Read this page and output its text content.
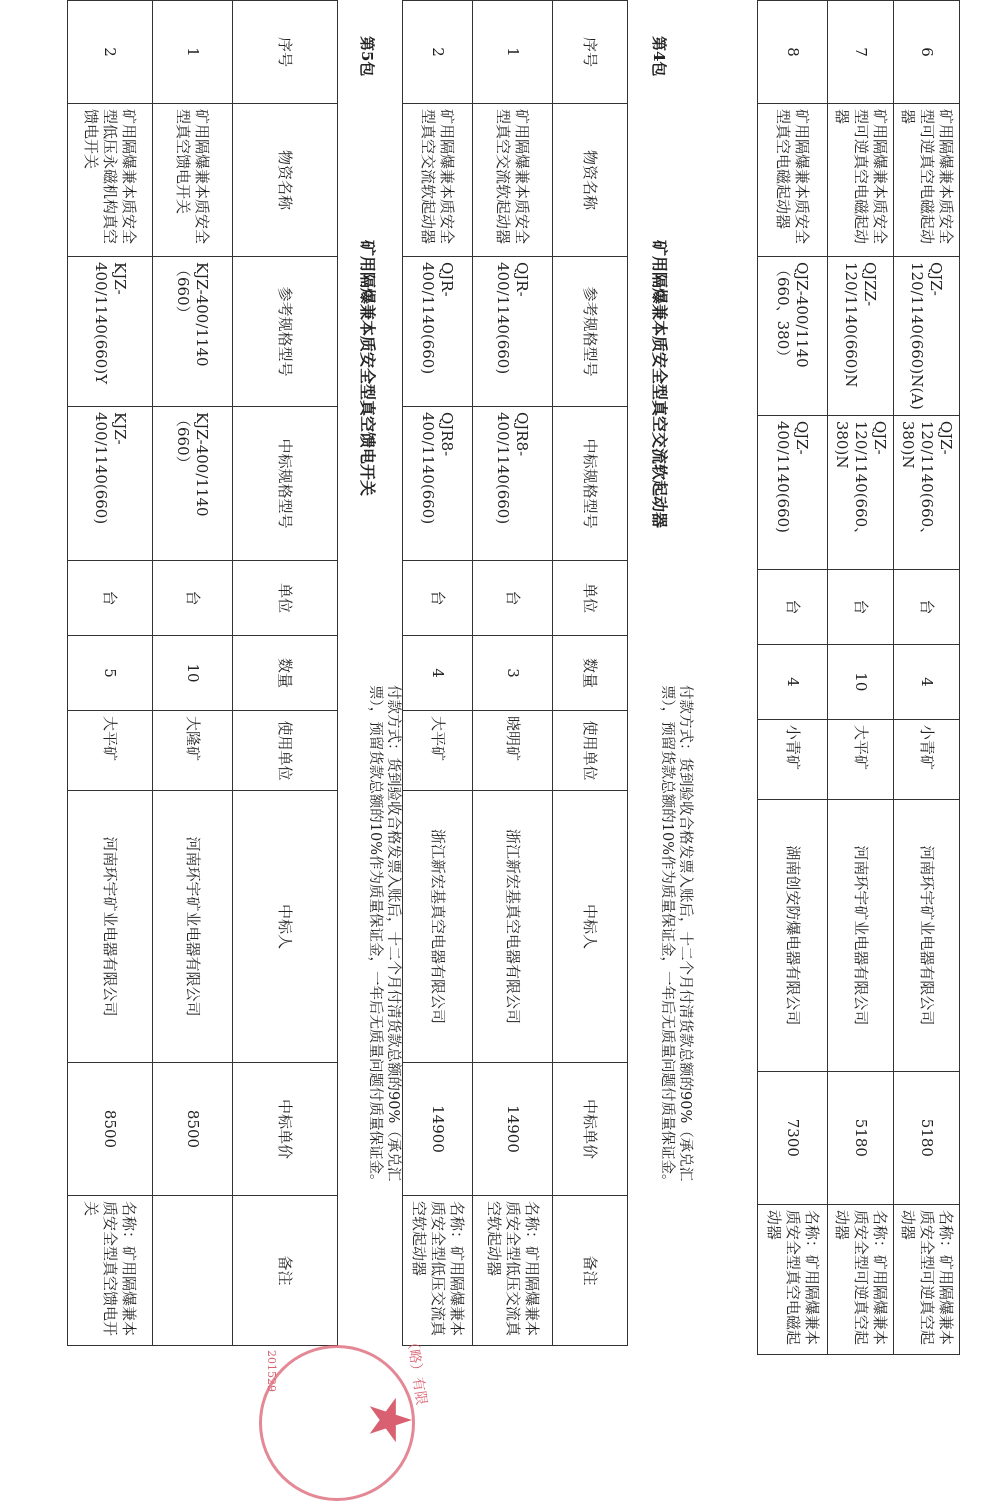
6	矿用隔爆兼本质安全型可逆真空电磁起动器	QJZ-120/1140(660)N(A)	QJZ-120/1140(660、380)N	台	4	小青矿	河南环宇矿业电器有限公司	5180	名称：矿用隔爆兼本质安全型可逆真空起动器
7	矿用隔爆兼本质安全型可逆真空电磁起动器	QJZZ-120/1140(660)N	QJZ-120/1140(660、380)N	台	10	大平矿	河南环宇矿业电器有限公司	5180	名称：矿用隔爆兼本质安全型可逆真空起动器
8	矿用隔爆兼本质安全型真空电磁起动器	QJZ-400/1140（660、380）	QJZ-400/1140(660)	台	4	小青矿	湖南创安防爆电器有限公司	7300	名称：矿用隔爆兼本质安全型真空电磁起动器
第4包
矿用隔爆兼本质安全型真空交流软起动器
付款方式：货到验收合格发票入账后，十二个月付清货款总额的90%（承兑汇票），预留货款总额的10%作为质量保证金，一年后无质量问题付质量保证金。
序号	物资名称	参考规格型号	中标规格型号	单位	数量	使用单位	中标人	中标单价	备注
1	矿用隔爆兼本质安全型真空交流软起动器	QJR-400/1140(660)	QJR8-400/1140(660)	台	3	晓明矿	浙江新宏基真空电器有限公司	14900	名称：矿用隔爆兼本质安全型低压交流真空软起动器
2	矿用隔爆兼本质安全型真空交流软起动器	QJR-400/1140(660)	QJR8-400/1140(660)	台	4	大平矿	浙江新宏基真空电器有限公司	14900	名称：矿用隔爆兼本质安全型低压交流真空软起动器
第5包
矿用隔爆兼本质安全型真空馈电开关
付款方式：货到验收合格发票入账后，十二个月付清货款总额的90%（承兑汇票），预留货款总额的10%作为质量保证金，一年后无质量问题付质量保证金。
序号	物资名称	参考规格型号	中标规格型号	单位	数量	使用单位	中标人	中标单价	备注
1	矿用隔爆兼本质安全型真空馈电开关	KJZ-400/1140（660）	KJZ-400/1140（660）	台	10	大隆矿	河南环宇矿业电器有限公司	8500	
2	矿用隔爆兼本质安全型低压永磁机构真空馈电开关	KJZ-400/1140(660)Y	KJZ-400/1140(660)	台	5	大平矿	河南环宇矿业电器有限公司	8500	名称：矿用隔爆兼本质安全型真空馈电开关
★
（略）有限
201529
